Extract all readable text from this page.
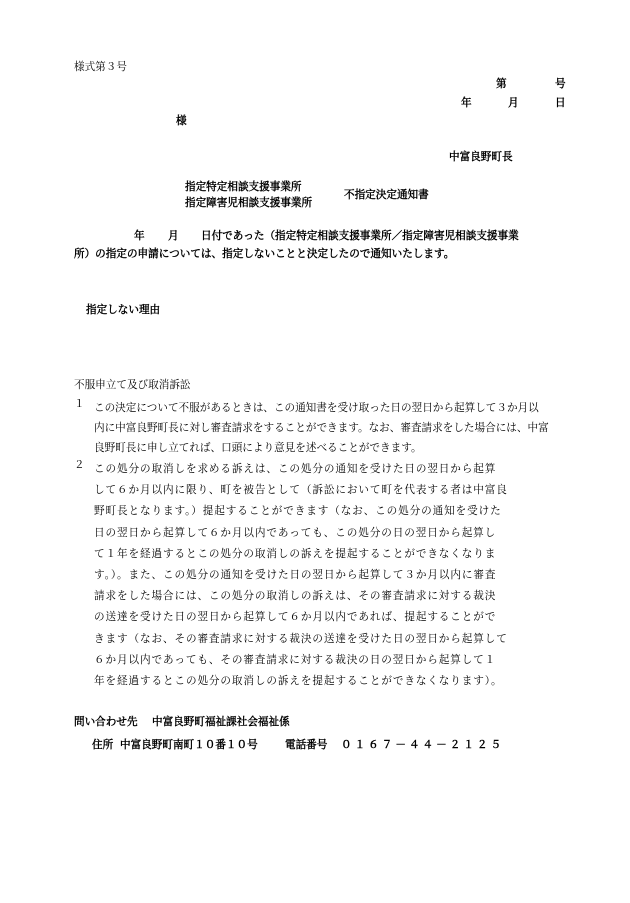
様式第３号
第	号
年	月	日
様
中富良野町長
指定特定相談支援事業所
指定障害児相談支援事業所
不指定決定通知書
年 月 日付であった（指定特定相談支援事業所／指定障害児相談支援事業
所）の指定の申請については、指定しないことと決定したので通知いたします。
指定しない理由
不服申立て及び取消訴訟
１ この決定について不服があるときは、この通知書を受け取った日の翌日から起算して３か月以
内に中富良野町長に対し審査請求をすることができます。なお、審査請求をした場合には、中富
良野町長に申し立てれば、口頭により意見を述べることができます。
２ この処分の取消しを求める訴えは、この処分の通知を受けた日の翌日から起算
して６か月以内に限り、町を被告として（訴訟において町を代表する者は中富良
野町長となります。）提起することができます（なお、この処分の通知を受けた
日の翌日から起算して６か月以内であっても、この処分の日の翌日から起算し
て１年を経過するとこの処分の取消しの訴えを提起することができなくなりま
す。）。また、この処分の通知を受けた日の翌日から起算して３か月以内に審査
請求をした場合には、この処分の取消しの訴えは、その審査請求に対する裁決
の送達を受けた日の翌日から起算して６か月以内であれば、提起することがで
きます（なお、その審査請求に対する裁決の送達を受けた日の翌日から起算して
６か月以内であっても、その審査請求に対する裁決の日の翌日から起算して１
年を経過するとこの処分の取消しの訴えを提起することができなくなります）。
問い合わせ先 中富良野町福祉課社会福祉係
住所 中富良野町南町１０番１０号	電話番号 ０１６７－４４－２１２５
